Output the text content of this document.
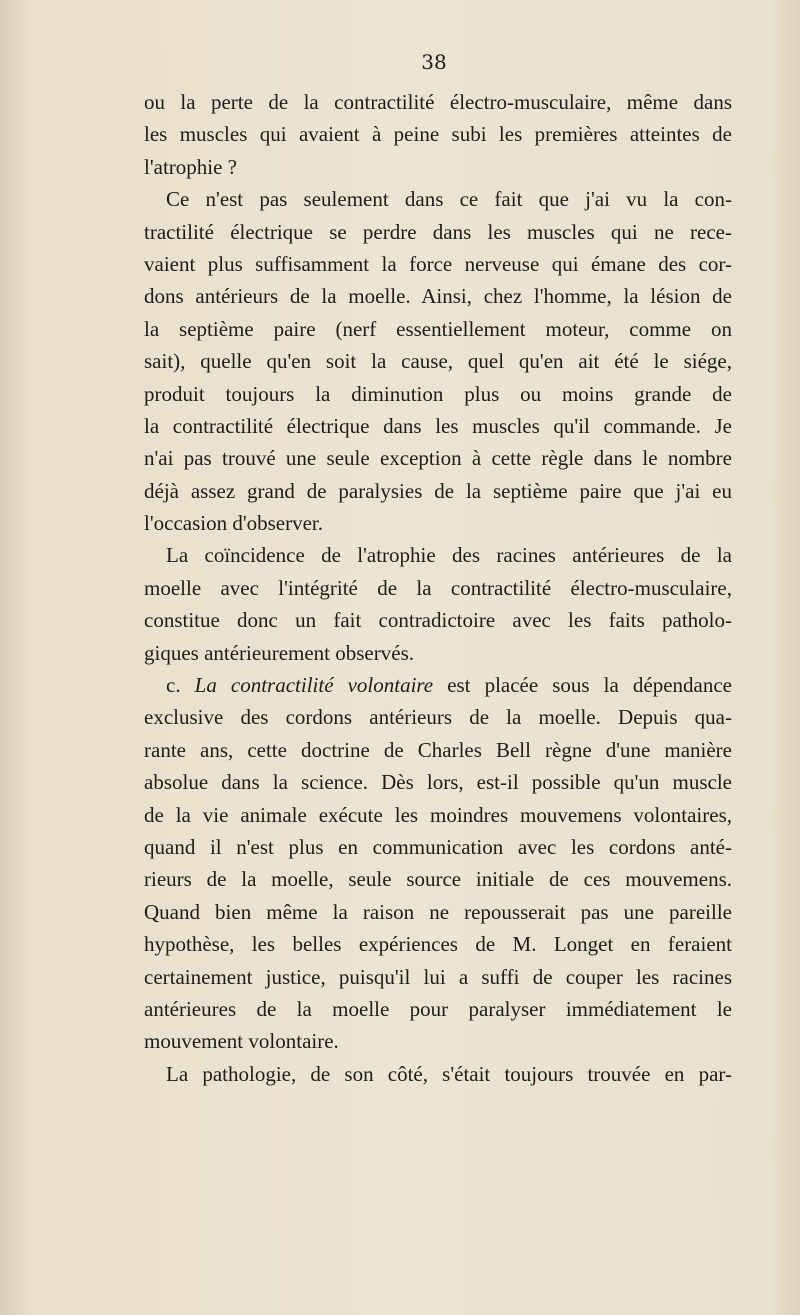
38
ou la perte de la contractilité électro-musculaire, même dans
les muscles qui avaient à peine subi les premières atteintes de
l'atrophie ?
Ce n'est pas seulement dans ce fait que j'ai vu la con-
tractilité électrique se perdre dans les muscles qui ne rece-
vaient plus suffisamment la force nerveuse qui émane des cor-
dons antérieurs de la moelle. Ainsi, chez l'homme, la lésion de
la septième paire (nerf essentiellement moteur, comme on
sait), quelle qu'en soit la cause, quel qu'en ait été le siége,
produit toujours la diminution plus ou moins grande de
la contractilité électrique dans les muscles qu'il commande. Je
n'ai pas trouvé une seule exception à cette règle dans le nombre
déjà assez grand de paralysies de la septième paire que j'ai eu
l'occasion d'observer.
La coïncidence de l'atrophie des racines antérieures de la
moelle avec l'intégrité de la contractilité électro-musculaire,
constitue donc un fait contradictoire avec les faits patholo-
giques antérieurement observés.
c. La contractilité volontaire est placée sous la dépendance
exclusive des cordons antérieurs de la moelle. Depuis qua-
rante ans, cette doctrine de Charles Bell règne d'une manière
absolue dans la science. Dès lors, est-il possible qu'un muscle
de la vie animale exécute les moindres mouvemens volontaires,
quand il n'est plus en communication avec les cordons anté-
rieurs de la moelle, seule source initiale de ces mouvemens.
Quand bien même la raison ne repousserait pas une pareille
hypothèse, les belles expériences de M. Longet en feraient
certainement justice, puisqu'il lui a suffi de couper les racines
antérieures de la moelle pour paralyser immédiatement le
mouvement volontaire.
La pathologie, de son côté, s'était toujours trouvée en par-
